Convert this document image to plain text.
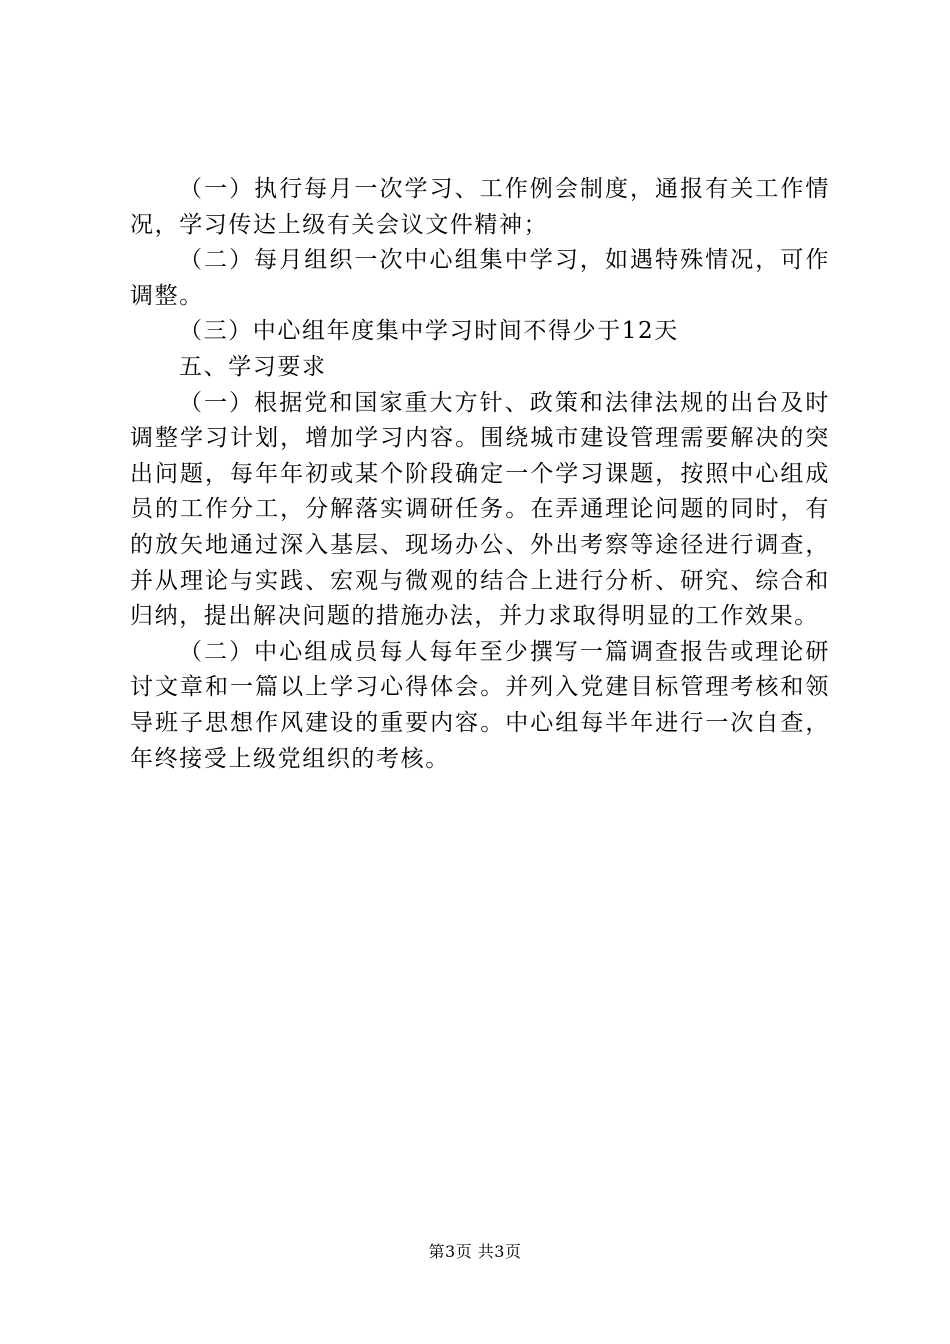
（一）执行每月一次学习、工作例会制度，通报有关工作情况，学习传达上级有关会议文件精神；

（二）每月组织一次中心组集中学习，如遇特殊情况，可作调整。

（三）中心组年度集中学习时间不得少于12天

五、学习要求

（一）根据党和国家重大方针、政策和法律法规的出台及时调整学习计划，增加学习内容。围绕城市建设管理需要解决的突出问题，每年年初或某个阶段确定一个学习课题，按照中心组成员的工作分工，分解落实调研任务。在弄通理论问题的同时，有的放矢地通过深入基层、现场办公、外出考察等途径进行调查，并从理论与实践、宏观与微观的结合上进行分析、研究、综合和归纳，提出解决问题的措施办法，并力求取得明显的工作效果。

（二）中心组成员每人每年至少撰写一篇调查报告或理论研讨文章和一篇以上学习心得体会。并列入党建目标管理考核和领导班子思想作风建设的重要内容。中心组每半年进行一次自查，年终接受上级党组织的考核。

第3页 共3页
